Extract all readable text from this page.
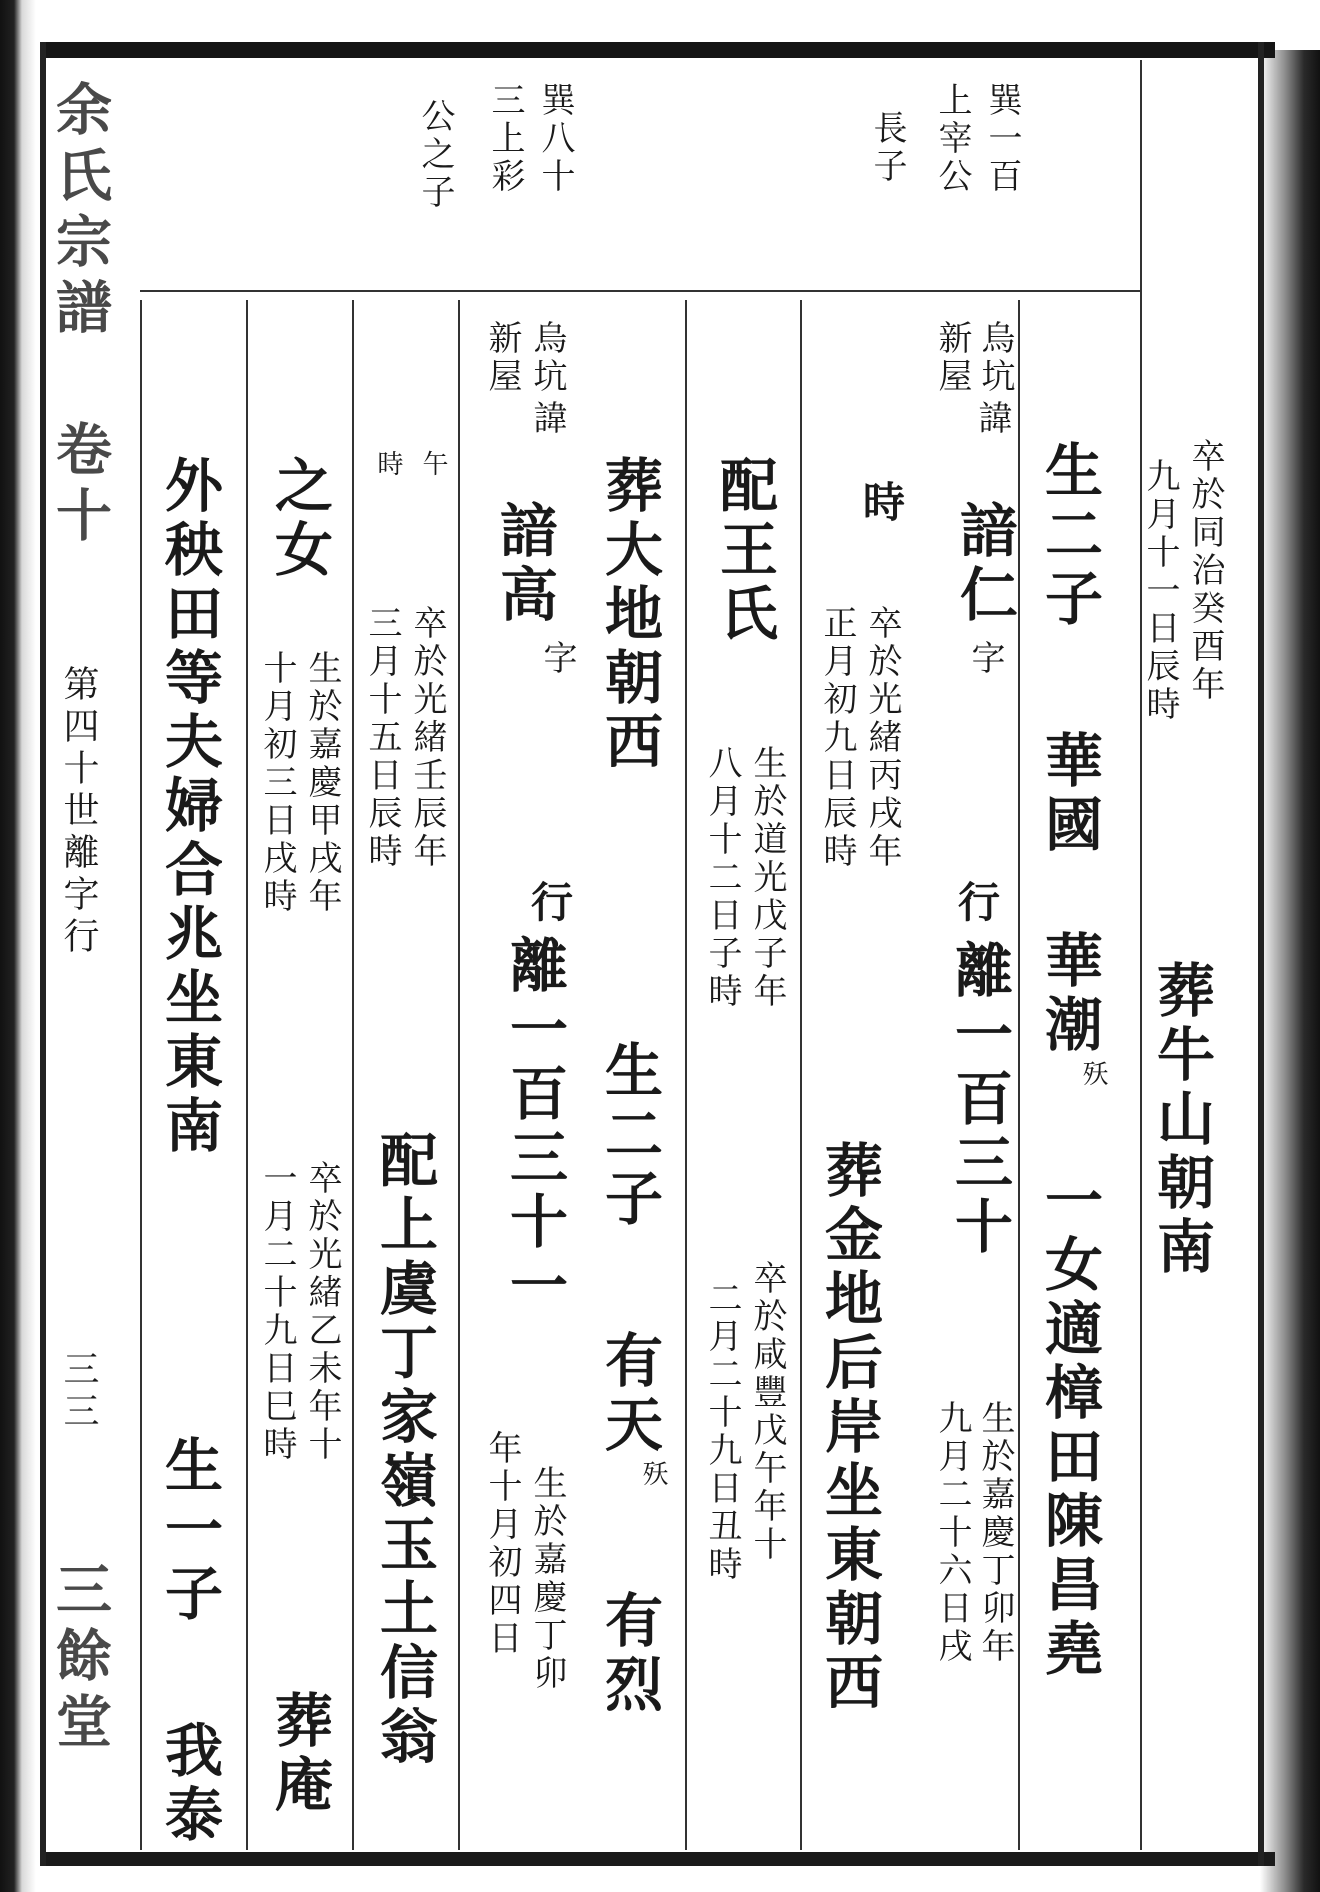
余氏宗譜 卷十
第四十世離字行
三三
三餘堂
巽一百
上宰公
長子
巽八十
三上彩
公之子
卒於同治癸酉年
九月十一日辰時
葬牛山朝南
生二子
華國
華潮
殀
一女適樟田陳昌堯
新屋 烏坑
諱
諳仁
字
行
離一百三十
生於嘉慶丁卯年
九月二十六日戌
時
卒於光緒丙戌年
正月初九日辰時
葬金地后岸坐東朝西
配王氏
生於道光戊子年
八月十二日子時
卒於咸豐戊午年十
二月二十九日丑時
葬大地朝西
生二子
有天
殀
有烈
新屋 烏坑
諱
諳高
字
行
離一百三十一
生於嘉慶丁卯
年十月初四日
午
時
卒於光緒壬辰年
三月十五日辰時
配上虞丁家嶺玉土信翁
之女
生於嘉慶甲戌年
十月初三日戌時
卒於光緒乙未年十
一月二十九日巳時
葬庵
外秧田等夫婦合兆坐東南
生一子
我泰
